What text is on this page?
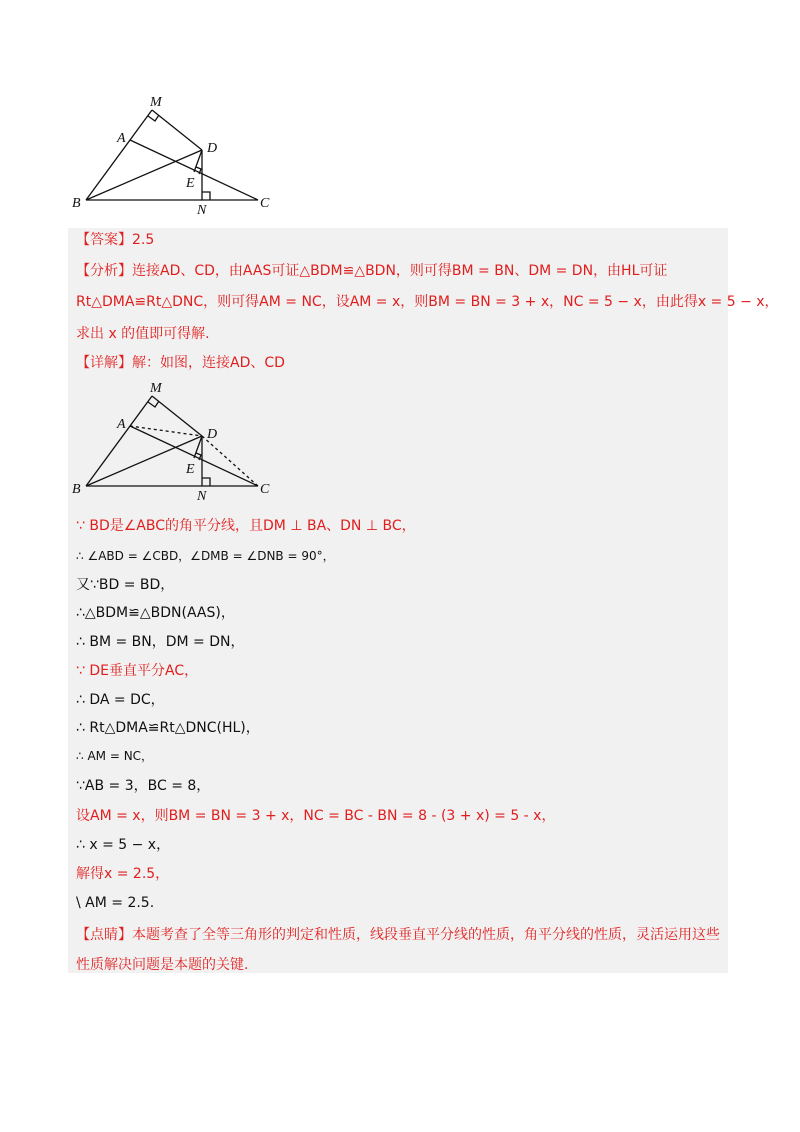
M
A
D
E
B	N	C
【答案】2.5
【分析】连接AD、CD，由AAS可证△BDM≌△BDN，则可得BM = BN、DM = DN，由HL可证
Rt△DMA≌Rt△DNC，则可得AM = NC，设AM = x，则BM = BN = 3 + x，NC = 5 − x，由此得x = 5 − x，
求出 x 的值即可得解.
【详解】解：如图，连接AD、CD
M
A
D
E
B	N	C
∵ BD是∠ABC的角平分线，且DM ⊥ BA、DN ⊥ BC，
∴ ∠ABD = ∠CBD，∠DMB = ∠DNB = 90°，
又∵BD = BD，
∴△BDM≌△BDN(AAS)，
∴ BM = BN，DM = DN，
∵ DE垂直平分AC，
∴ DA = DC，
∴ Rt△DMA≌Rt△DNC(HL)，
∴ AM = NC，
∵AB = 3，BC = 8，
设AM = x，则BM = BN = 3 + x，NC = BC - BN = 8 - (3 + x) = 5 - x，
∴ x = 5 − x，
解得x = 2.5，
\ AM = 2.5.
【点睛】本题考查了全等三角形的判定和性质，线段垂直平分线的性质，角平分线的性质，灵活运用这些
性质解决问题是本题的关键.
